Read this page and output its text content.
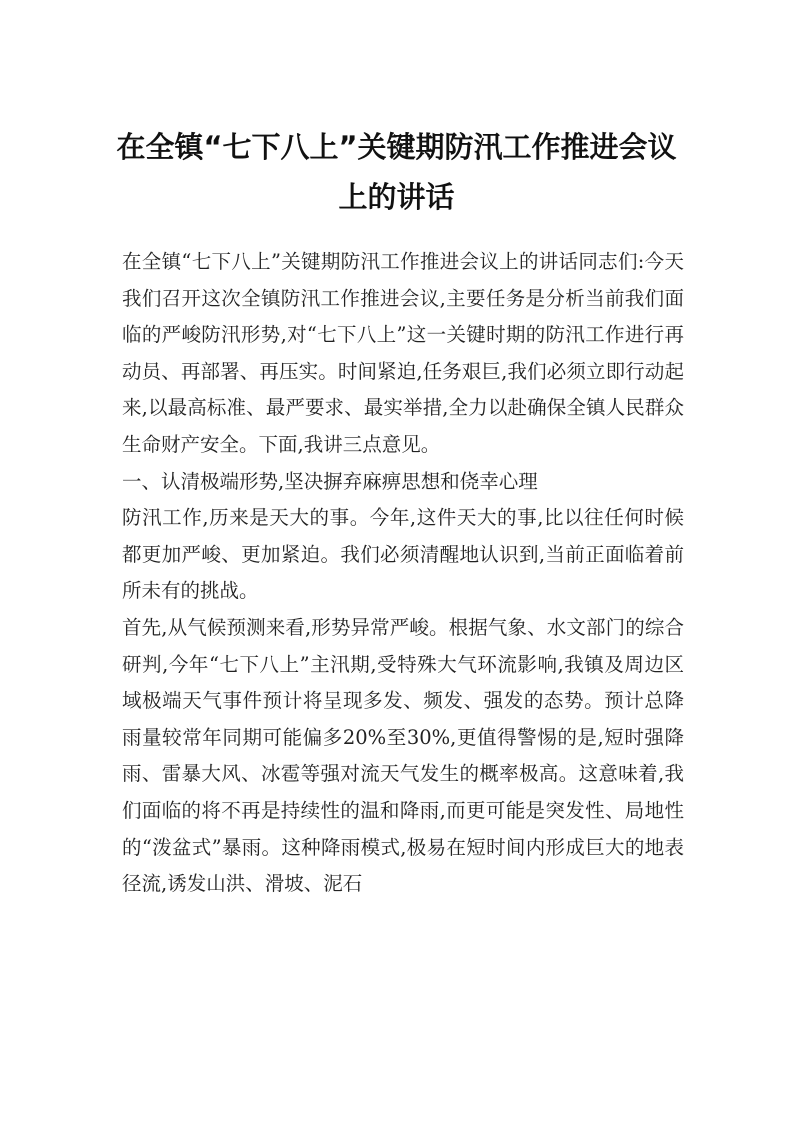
在全镇“七下八上”关键期防汛工作推进会议上的讲话

在全镇“七下八上”关键期防汛工作推进会议上的讲话同志们:今天我们召开这次全镇防汛工作推进会议,主要任务是分析当前我们面临的严峻防汛形势,对“七下八上”这一关键时期的防汛工作进行再动员、再部署、再压实。时间紧迫,任务艰巨,我们必须立即行动起来,以最高标准、最严要求、最实举措,全力以赴确保全镇人民群众生命财产安全。下面,我讲三点意见。

一、认清极端形势,坚决摒弃麻痹思想和侥幸心理

防汛工作,历来是天大的事。今年,这件天大的事,比以往任何时候都更加严峻、更加紧迫。我们必须清醒地认识到,当前正面临着前所未有的挑战。

首先,从气候预测来看,形势异常严峻。根据气象、水文部门的综合研判,今年“七下八上”主汛期,受特殊大气环流影响,我镇及周边区域极端天气事件预计将呈现多发、频发、强发的态势。预计总降雨量较常年同期可能偏多20%至30%,更值得警惕的是,短时强降雨、雷暴大风、冰雹等强对流天气发生的概率极高。这意味着,我们面临的将不再是持续性的温和降雨,而更可能是突发性、局地性的“泼盆式”暴雨。这种降雨模式,极易在短时间内形成巨大的地表径流,诱发山洪、滑坡、泥石
